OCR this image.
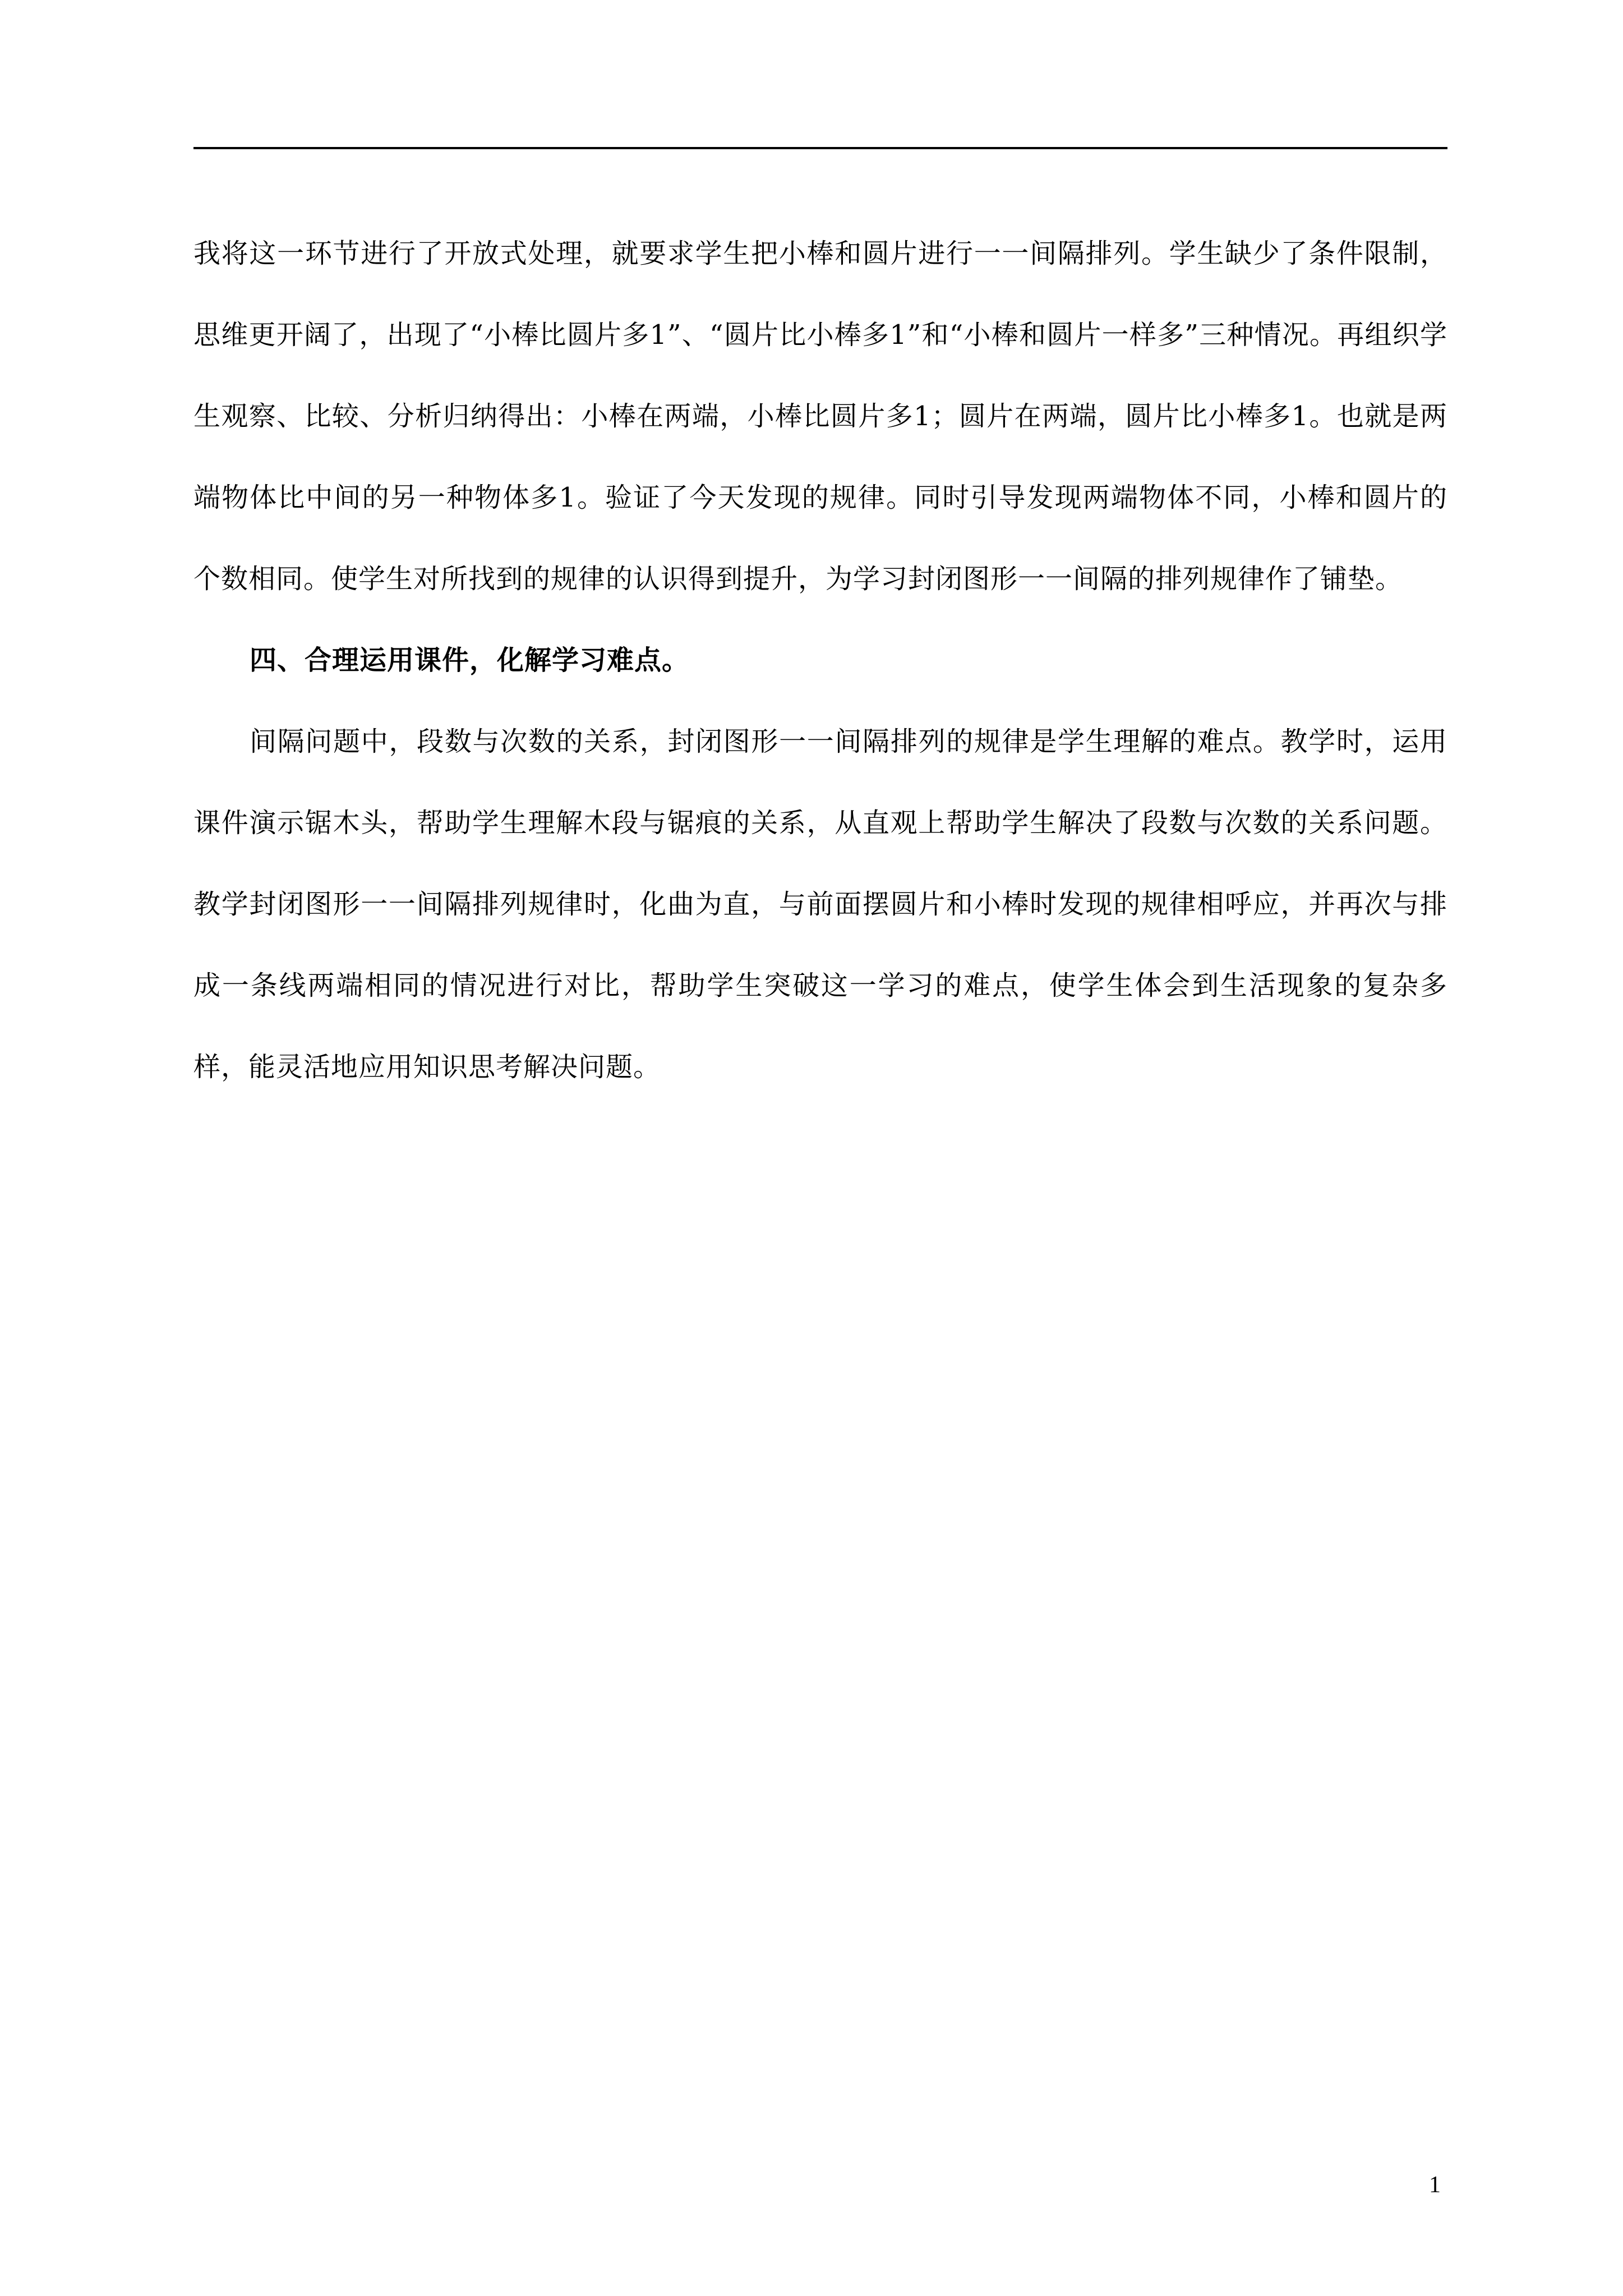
我将这一环节进行了开放式处理，就要求学生把小棒和圆片进行一一间隔排列。学生缺少了条件限制，思维更开阔了，出现了“小棒比圆片多1”、“圆片比小棒多1”和“小棒和圆片一样多”三种情况。再组织学生观察、比较、分析归纳得出：小棒在两端，小棒比圆片多1；圆片在两端，圆片比小棒多1。也就是两端物体比中间的另一种物体多1。验证了今天发现的规律。同时引导发现两端物体不同，小棒和圆片的个数相同。使学生对所找到的规律的认识得到提升，为学习封闭图形一一间隔的排列规律作了铺垫。

四、合理运用课件，化解学习难点。

间隔问题中，段数与次数的关系，封闭图形一一间隔排列的规律是学生理解的难点。教学时，运用课件演示锯木头，帮助学生理解木段与锯痕的关系，从直观上帮助学生解决了段数与次数的关系问题。教学封闭图形一一间隔排列规律时，化曲为直，与前面摆圆片和小棒时发现的规律相呼应，并再次与排成一条线两端相同的情况进行对比，帮助学生突破这一学习的难点，使学生体会到生活现象的复杂多样，能灵活地应用知识思考解决问题。

1
